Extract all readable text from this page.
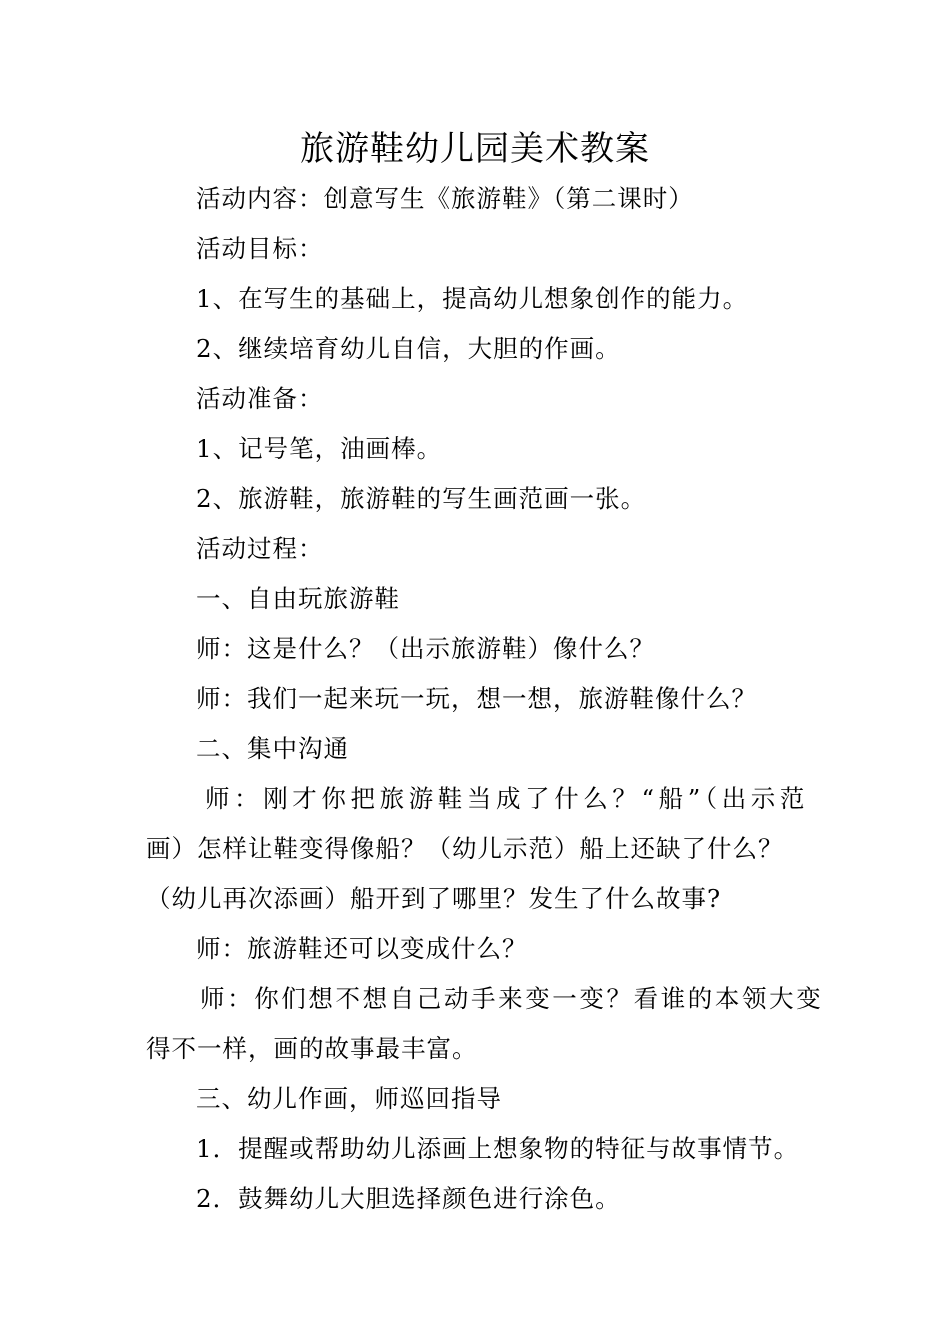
旅游鞋幼儿园美术教案
活动内容：创意写生《旅游鞋》（第二课时）
活动目标：
1、在写生的基础上，提高幼儿想象创作的能力。
2、继续培育幼儿自信，大胆的作画。
活动准备：
1、记号笔，油画棒。
2、旅游鞋，旅游鞋的写生画范画一张。
活动过程：
一、自由玩旅游鞋
师：这是什么？（出示旅游鞋）像什么？
师：我们一起来玩一玩，想一想，旅游鞋像什么？
二、集中沟通
师：刚才你把旅游鞋当成了什么？“船”（出示范
画）怎样让鞋变得像船？（幼儿示范）船上还缺了什么？
（幼儿再次添画）船开到了哪里？发生了什么故事?
师：旅游鞋还可以变成什么？
师：你们想不想自己动手来变一变？看谁的本领大变
得不一样，画的故事最丰富。
三、幼儿作画，师巡回指导
1．提醒或帮助幼儿添画上想象物的特征与故事情节。
2．鼓舞幼儿大胆选择颜色进行涂色。
